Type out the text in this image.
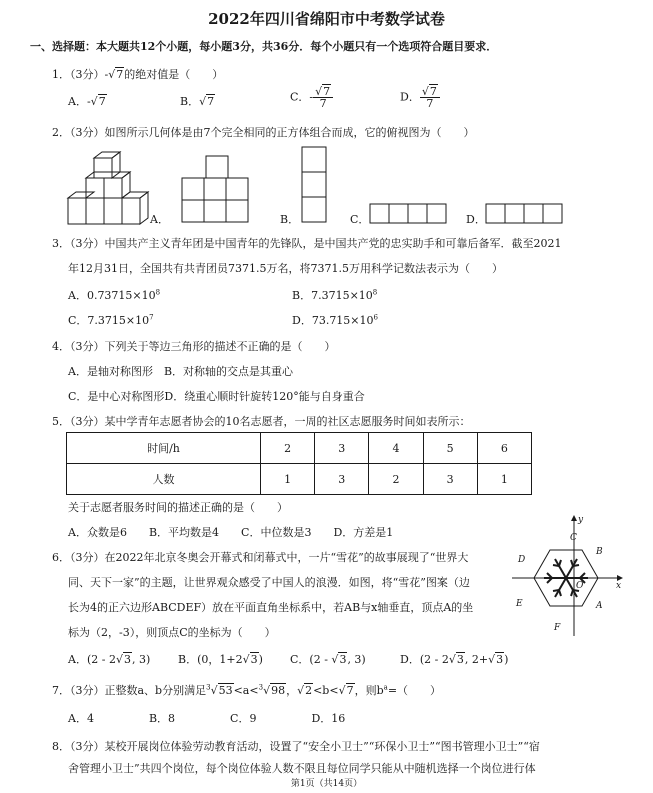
2022年四川省绵阳市中考数学试卷
一、选择题：本大题共12个小题，每小题3分，共36分．每个小题只有一个选项符合题目要求．
1．（3分）-√7的绝对值是（　　）
A．-√7	B．√7	C．- $\frac{√7}{7}$	D． $\frac{√7}{7}$
2．（3分）如图所示几何体是由7个完全相同的正方体组合而成，它的俯视图为（　　）
A．	B．	C．	D．
3．（3分）中国共产主义青年团是中国青年的先锋队，是中国共产党的忠实助手和可靠后备军．截至2021
年12月31日，全国共有共青团员7371.5万名，将7371.5万用科学记数法表示为（　　）
A．$0.73715\times 10^8$	B．$7.3715\times 10^8$
C．$7.3715\times 10^7$	D．$73.715\times 10^6$
4．（3分）下列关于等边三角形的描述不正确的是（　　）
A．是轴对称图形　B．对称轴的交点是其重心
C．是中心对称图形D．绕重心顺时针旋转120°能与自身重合
5．（3分）某中学青年志愿者协会的10名志愿者，一周的社区志愿服务时间如表所示：
时间/h	2	3	4	5	6
人数	1	3	2	3	1
关于志愿者服务时间的描述正确的是（　　）
A．众数是6　　B．平均数是4　　C．中位数是3　　D．方差是1
6．（3分）在2022年北京冬奥会开幕式和闭幕式中，一片“雪花”的故事展现了“世界大
同、天下一家”的主题，让世界观众感受了中国人的浪漫．如图，将“雪花”图案（边
长为4的正六边形ABCDEF）放在平面直角坐标系中，若AB与x轴垂直，顶点A的坐
标为（2，-3），则顶点C的坐标为（　　）
A．(2 - 2√3, 3)	B．(0，1+2√3) C．(2 - √3, 3)	D．(2 - 2√3, 2+√3)
x
y
O
A
B
C
D
E
F
7．（3分）正整数a、b分别满足$^3$√53<a<$^3$√98，√2<b<√7，则$b^a=$（　　）
A．4　　　　　B．8　　　　　C．9　　　　　D．16
8．（3分）某校开展岗位体验劳动教育活动，设置了“安全小卫士”“环保小卫士”“图书管理小卫士”“宿
舍管理小卫士”共四个岗位，每个岗位体验人数不限且每位同学只能从中随机选择一个岗位进行体
第1页（共14页）
